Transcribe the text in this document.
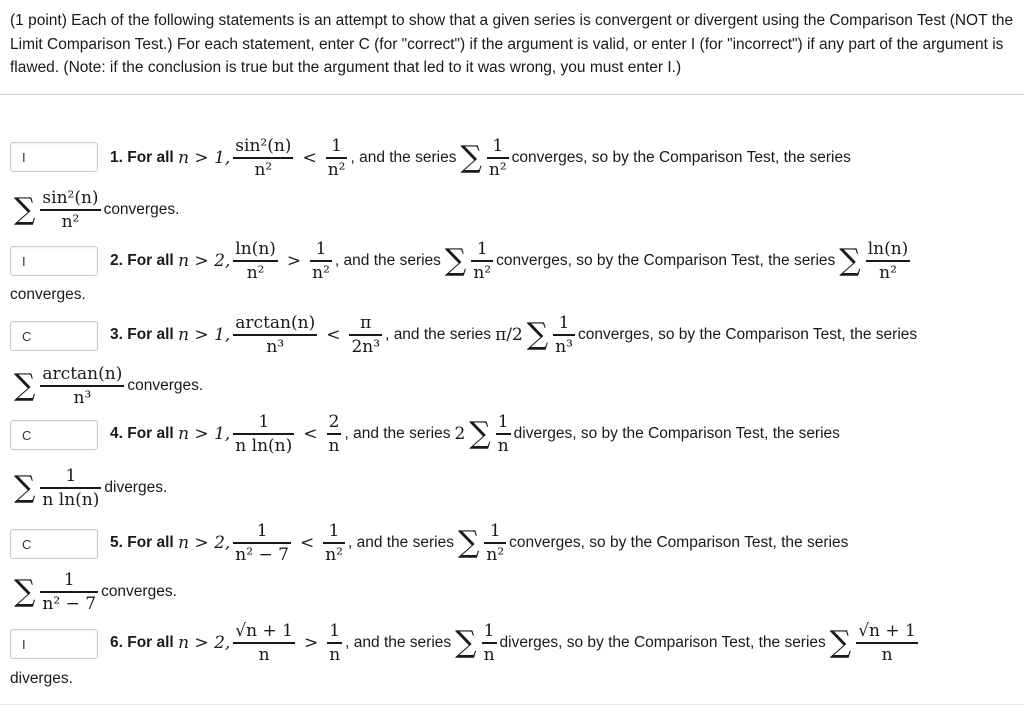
(1 point) Each of the following statements is an attempt to show that a given series is convergent or divergent using the Comparison Test (NOT the Limit Comparison Test.) For each statement, enter C (for "correct") if the argument is valid, or enter I (for "incorrect") if any part of the argument is flawed. (Note: if the conclusion is true but the argument that led to it was wrong, you must enter I.)
I
1. For all
n > 1, $\frac{\text{sin²(n)}}{\text{n²}} < \frac{1}{\text{n²}}$ , and the series ∑ $\frac{1}{\text{n²}}$ converges,
so by the Comparison Test, the series
∑ $\frac{\text{sin²(n)}}{\text{n²}}$ converges.
I
2. For all
n > 2, $\frac{\ln(n)}{\text{n²}} > \frac{1}{\text{n²}}$ , and the series ∑ $\frac{1}{\text{n²}}$ converges,
so by the Comparison Test, the series ∑ $\frac{\ln(n)}{\text{n²}}$
converges.
C
3. For all
n > 1, $\frac{\arctan(n)}{\text{n³}} < \frac{\pi}{\text{2n³}}$ , and the series π/2 ∑ $\frac{1}{\text{n³}}$ converges,
so by the Comparison Test, the series
∑ $\frac{\arctan(n)}{\text{n³}}$ converges.
C
4. For all
n > 1, $\frac{1}{\text{n ln(n)}} < \frac{2}{n}$ , and the series 2 ∑ $\frac{1}{n}$ diverges,
so by the Comparison Test, the series
∑ $\frac{1}{\text{n ln(n)}}$ diverges.
C
5. For all
n > 2, $\frac{1}{\text{n² − 7}} < \frac{1}{\text{n²}}$ , and the series ∑ $\frac{1}{\text{n²}}$ converges,
so by the Comparison Test, the series
∑ $\frac{1}{\text{n² − 7}}$ converges.
I
6. For all
n > 2, $\frac{√n + 1}{n} > \frac{1}{n}$ , and the series ∑ $\frac{1}{n}$ diverges,
so by the Comparison Test, the series ∑ $\frac{√n + 1}{n}$
diverges.
